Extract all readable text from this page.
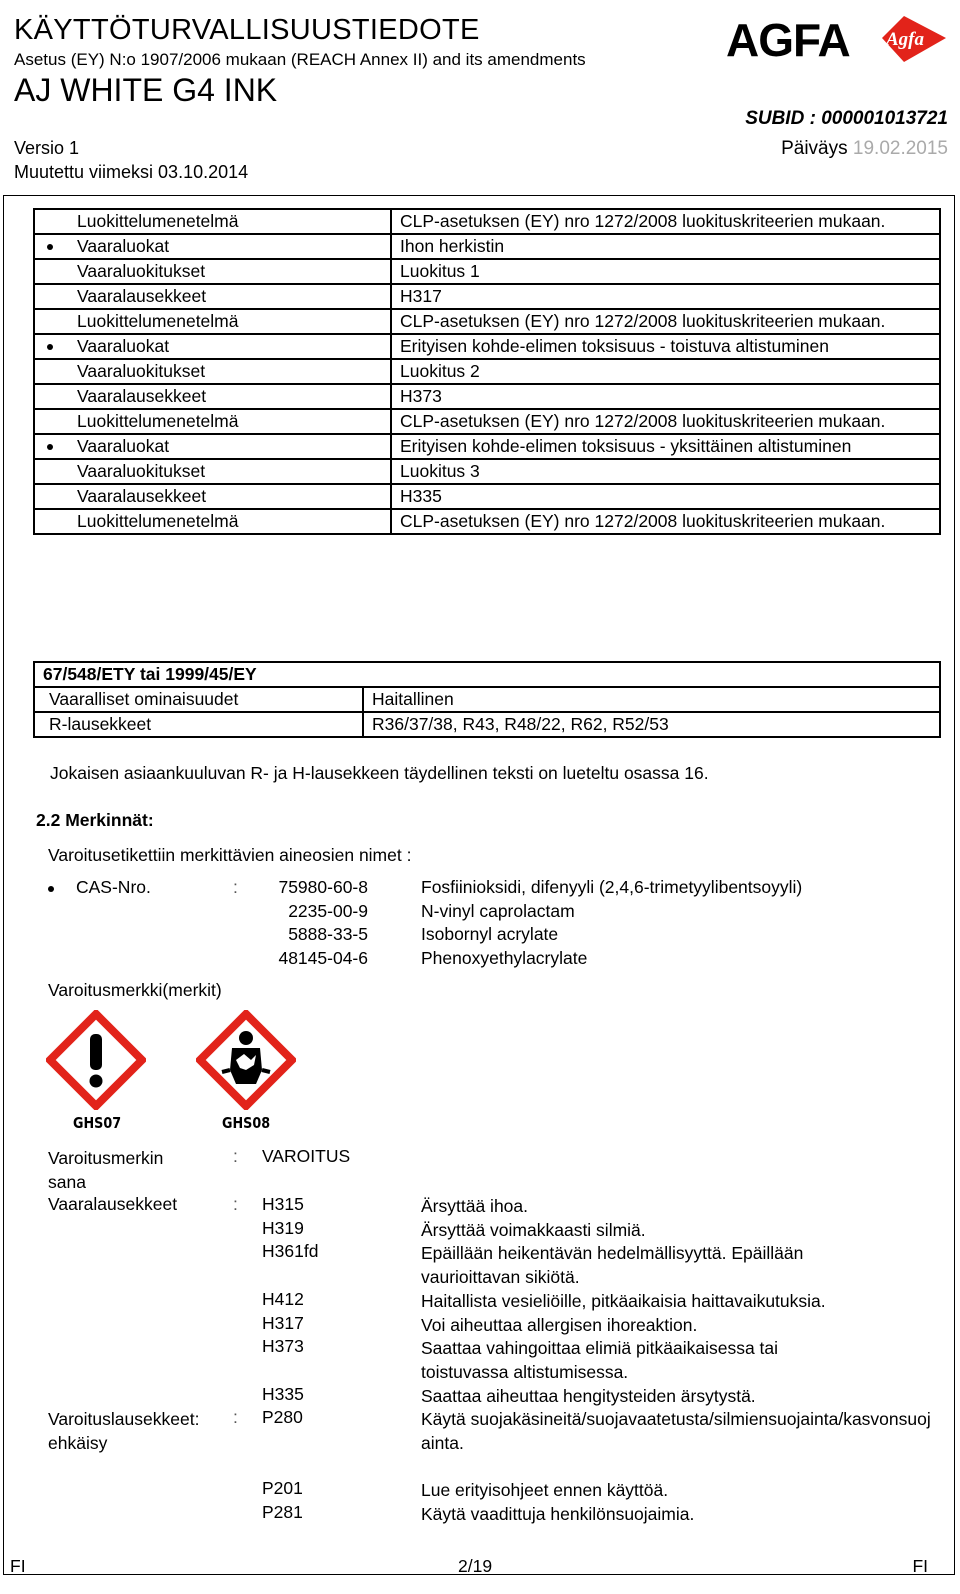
KÄYTTÖTURVALLISUUSTIEDOTE
Asetus (EY) N:o 1907/2006 mukaan (REACH Annex II) and its amendments
AJ WHITE G4 INK
SUBID : 000001013721
Versio 1
Muutettu viimeksi 03.10.2014
Päiväys 19.02.2015
AGFA Agfa
Luokittelumenetelmä	CLP-asetuksen (EY) nro 1272/2008 luokituskriteerien mukaan.

Vaaraluokat	Ihon herkistin
Vaaraluokitukset	Luokitus 1
Vaaralausekkeet	H317
Luokittelumenetelmä	CLP-asetuksen (EY) nro 1272/2008 luokituskriteerien mukaan.

Vaaraluokat	Erityisen kohde-elimen toksisuus - toistuva altistuminen
Vaaraluokitukset	Luokitus 2
Vaaralausekkeet	H373
Luokittelumenetelmä	CLP-asetuksen (EY) nro 1272/2008 luokituskriteerien mukaan.

Vaaraluokat	Erityisen kohde-elimen toksisuus - yksittäinen altistuminen
Vaaraluokitukset	Luokitus 3
Vaaralausekkeet	H335
Luokittelumenetelmä	CLP-asetuksen (EY) nro 1272/2008 luokituskriteerien mukaan.
67/548/ETY tai 1999/45/EY	
Vaaralliset ominaisuudet	Haitallinen
R-lausekkeet	R36/37/38, R43, R48/22, R62, R52/53
Jokaisen asiaankuuluvan R- ja H-lausekkeen täydellinen teksti on lueteltu osassa 16.
2.2 Merkinnät:
Varoitusetikettiin merkittävien aineosien nimet :
CAS-Nro.	:	75980-60-8	Fosfiinioksidi, difenyyli (2,4,6-trimetyylibentsoyyli)
2235-00-9	N-vinyl caprolactam
5888-33-5	Isobornyl acrylate
48145-04-6	Phenoxyethylacrylate
Varoitusmerkki(merkit)
GHS07	GHS08
Varoitusmerkin sana
: VAROITUS
Vaaralausekkeet	: H315	Ärsyttää ihoa.
H319	Ärsyttää voimakkaasti silmiä.
H361fd	Epäillään heikentävän hedelmällisyyttä. Epäillään vaurioittavan sikiötä.
H412	Haitallista vesieliöille, pitkäaikaisia haittavaikutuksia.
H317	Voi aiheuttaa allergisen ihoreaktion.
H373	Saattaa vahingoittaa elimiä pitkäaikaisessa tai toistuvassa altistumisessa.
H335	Saattaa aiheuttaa hengitysteiden ärsytystä.
Varoituslausekkeet: ehkäisy
: P280	Käytä suojakäsineitä/suojavaatetusta/silmiensuojainta/kasvonsuojainta.
P201	Lue erityisohjeet ennen käyttöä.
P281	Käytä vaadittuja henkilönsuojaimia.
FI	2/19	FI
